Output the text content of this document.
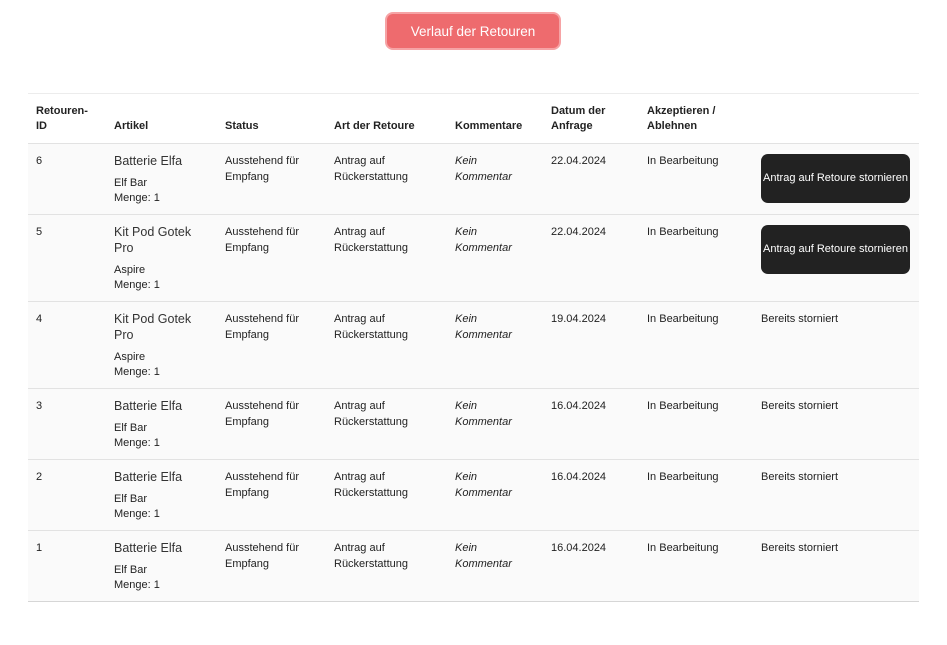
Verlauf der Retouren
Retouren-ID	Artikel	Status	Art der Retoure	Kommentare	Datum der Anfrage	Akzeptieren / Ablehnen	
6	Batterie Elfa
Elf Bar
Menge: 1	Ausstehend für Empfang	Antrag auf Rückerstattung	Kein Kommentar	22.04.2024	In Bearbeitung	Antrag auf Retoure stornieren

5	Kit Pod Gotek Pro
Aspire
Menge: 1	Ausstehend für Empfang	Antrag auf Rückerstattung	Kein Kommentar	22.04.2024	In Bearbeitung	Antrag auf Retoure stornieren

4	Kit Pod Gotek Pro
Aspire
Menge: 1	Ausstehend für Empfang	Antrag auf Rückerstattung	Kein Kommentar	19.04.2024	In Bearbeitung	Bereits storniert
3	Batterie Elfa
Elf Bar
Menge: 1	Ausstehend für Empfang	Antrag auf Rückerstattung	Kein Kommentar	16.04.2024	In Bearbeitung	Bereits storniert
2	Batterie Elfa
Elf Bar
Menge: 1	Ausstehend für Empfang	Antrag auf Rückerstattung	Kein Kommentar	16.04.2024	In Bearbeitung	Bereits storniert
1	Batterie Elfa
Elf Bar
Menge: 1	Ausstehend für Empfang	Antrag auf Rückerstattung	Kein Kommentar	16.04.2024	In Bearbeitung	Bereits storniert
